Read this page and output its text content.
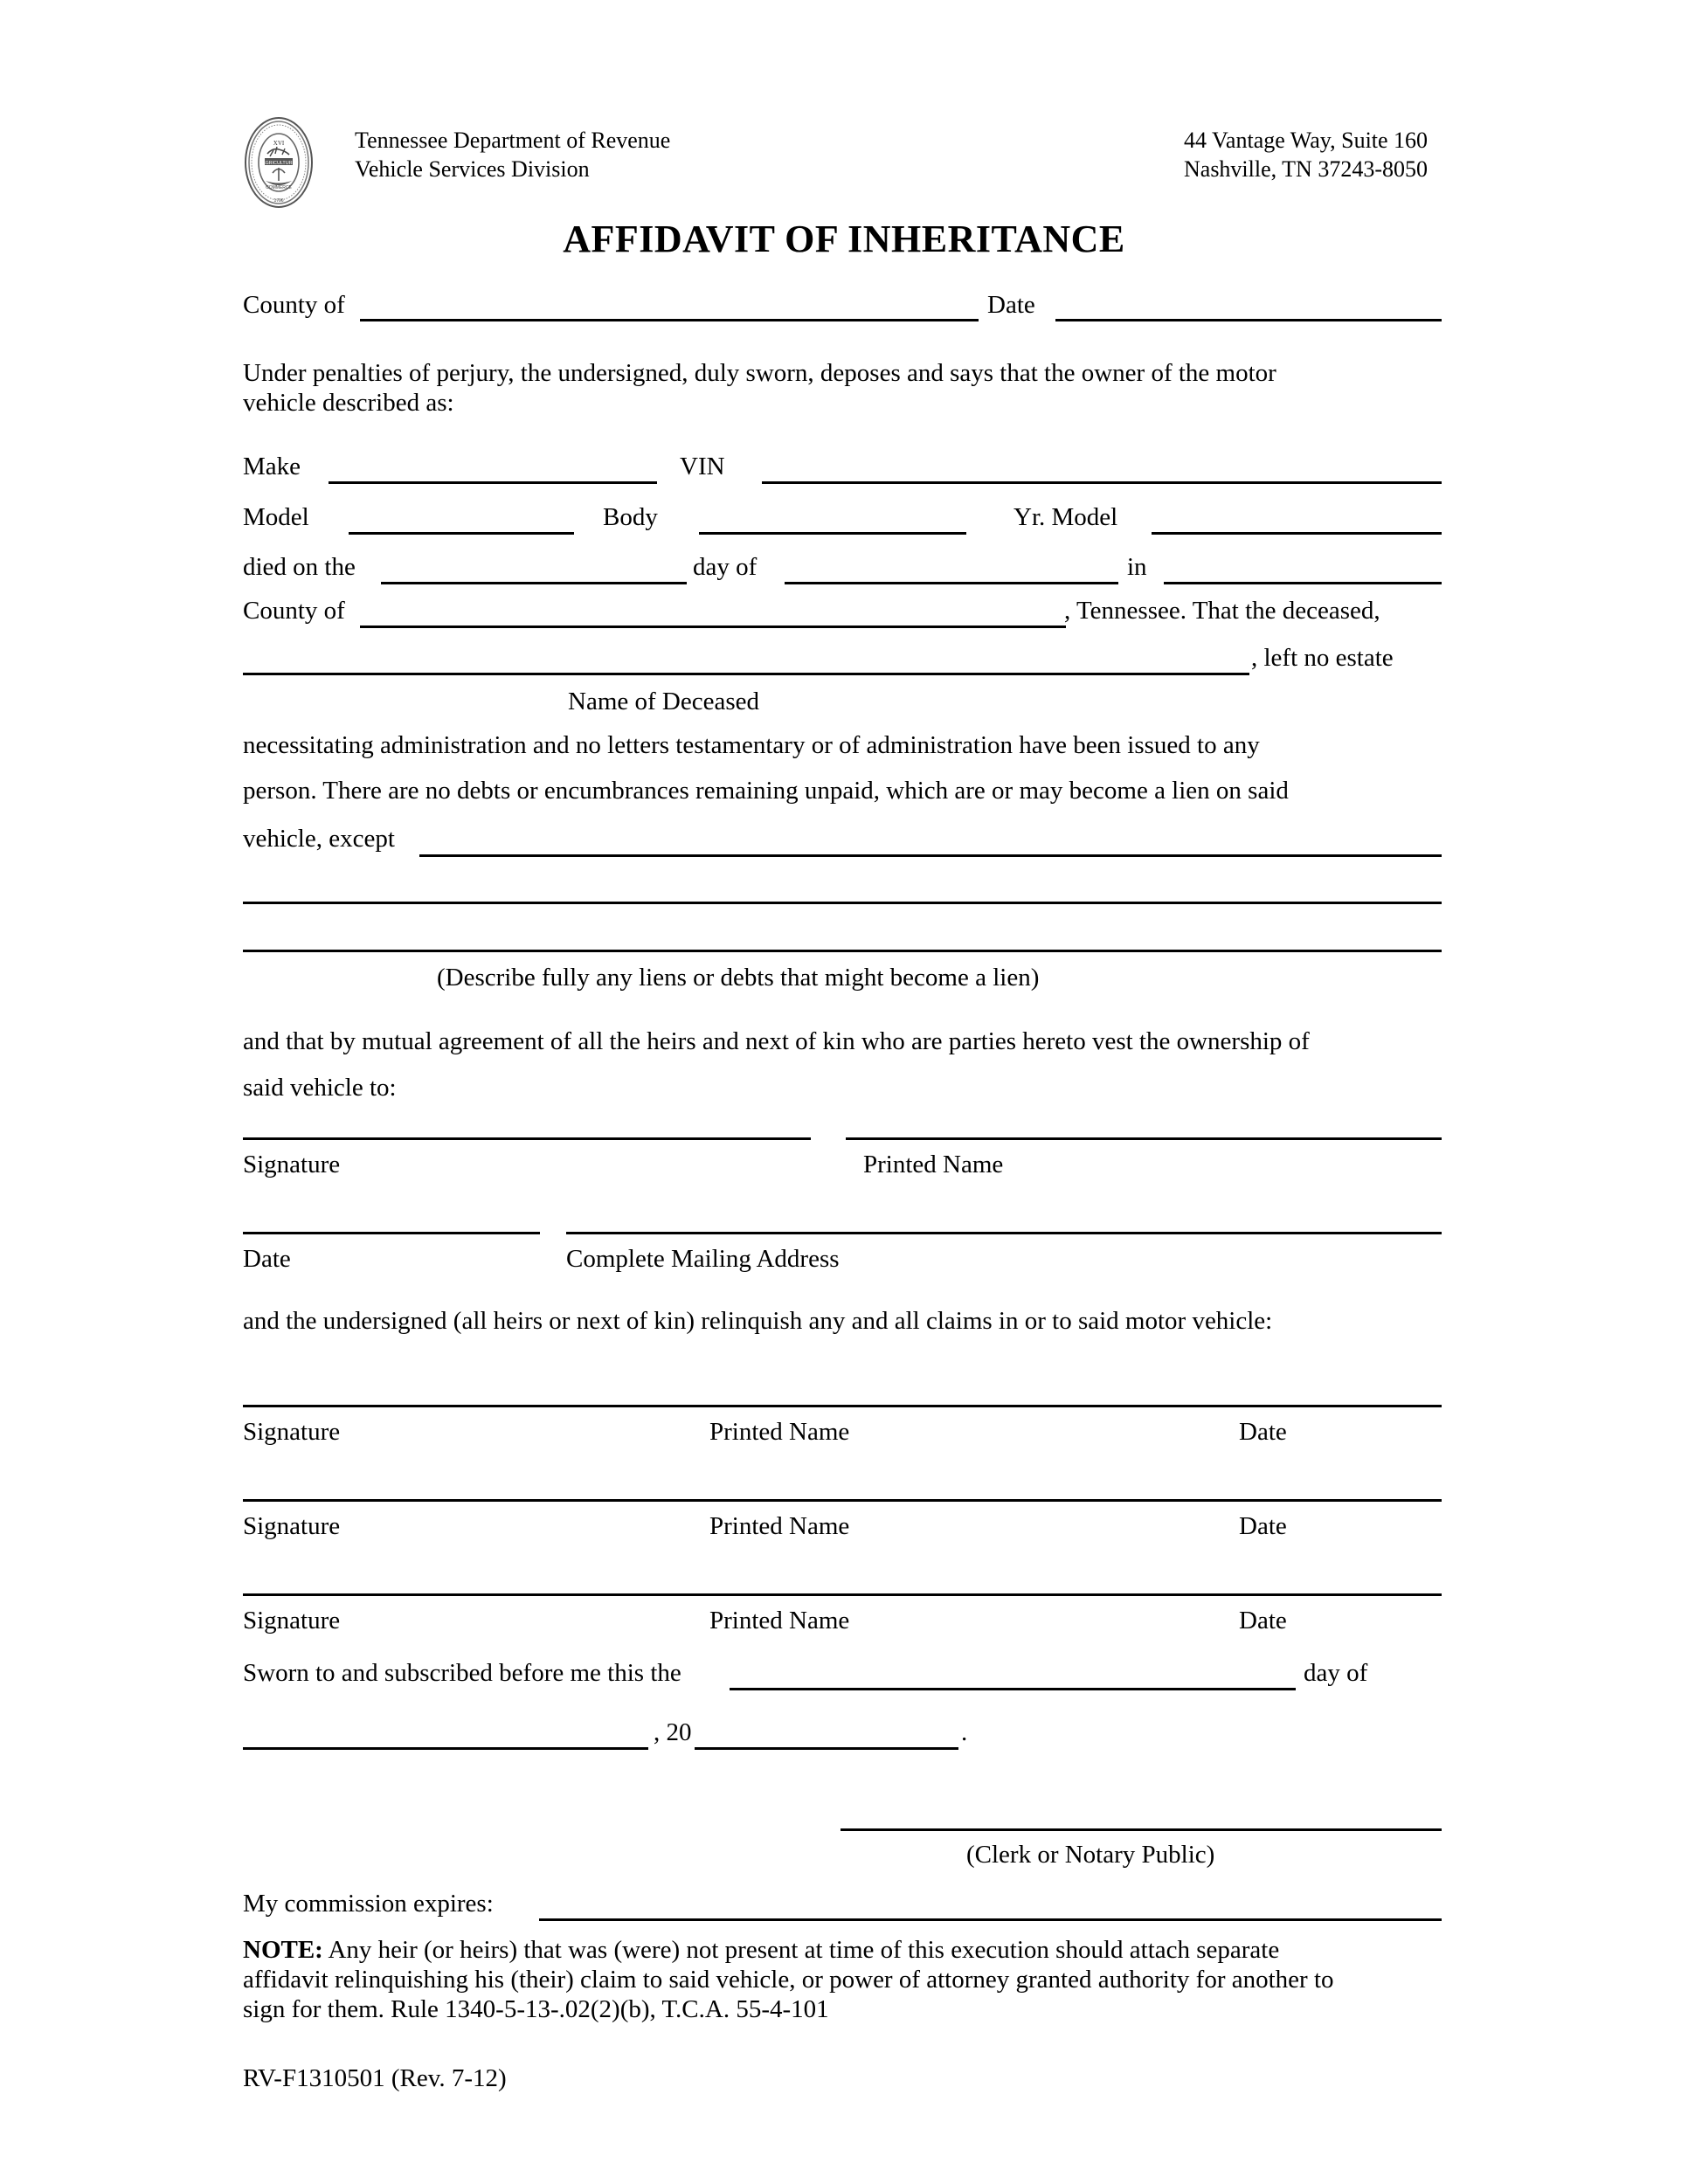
XVI
AGRICULTURE
COMMERCE
1796
Tennessee Department of Revenue
Vehicle Services Division
44 Vantage Way, Suite 160
Nashville, TN 37243-8050
AFFIDAVIT OF INHERITANCE
County of	Date
Under penalties of perjury, the undersigned, duly sworn, deposes and says that the owner of the motor
vehicle described as:
Make	VIN
Model	Body	Yr. Model
died on the	day of	in
County of	, Tennessee. That the deceased,
, left no estate
Name of Deceased
necessitating administration and no letters testamentary or of administration have been issued to any
person. There are no debts or encumbrances remaining unpaid, which are or may become a lien on said
vehicle, except
(Describe fully any liens or debts that might become a lien)
and that by mutual agreement of all the heirs and next of kin who are parties hereto vest the ownership of
said vehicle to:
Signature	Printed Name
Date	Complete Mailing Address
and the undersigned (all heirs or next of kin) relinquish any and all claims in or to said motor vehicle:
Signature	Printed Name	Date
Signature	Printed Name	Date
Signature	Printed Name	Date
Sworn to and subscribed before me this the	day of
, 20	.
(Clerk or Notary Public)
My commission expires:
NOTE: Any heir (or heirs) that was (were) not present at time of this execution should attach separate
affidavit relinquishing his (their) claim to said vehicle, or power of attorney granted authority for another to
sign for them. Rule 1340-5-13-.02(2)(b), T.C.A. 55-4-101
RV-F1310501 (Rev. 7-12)
